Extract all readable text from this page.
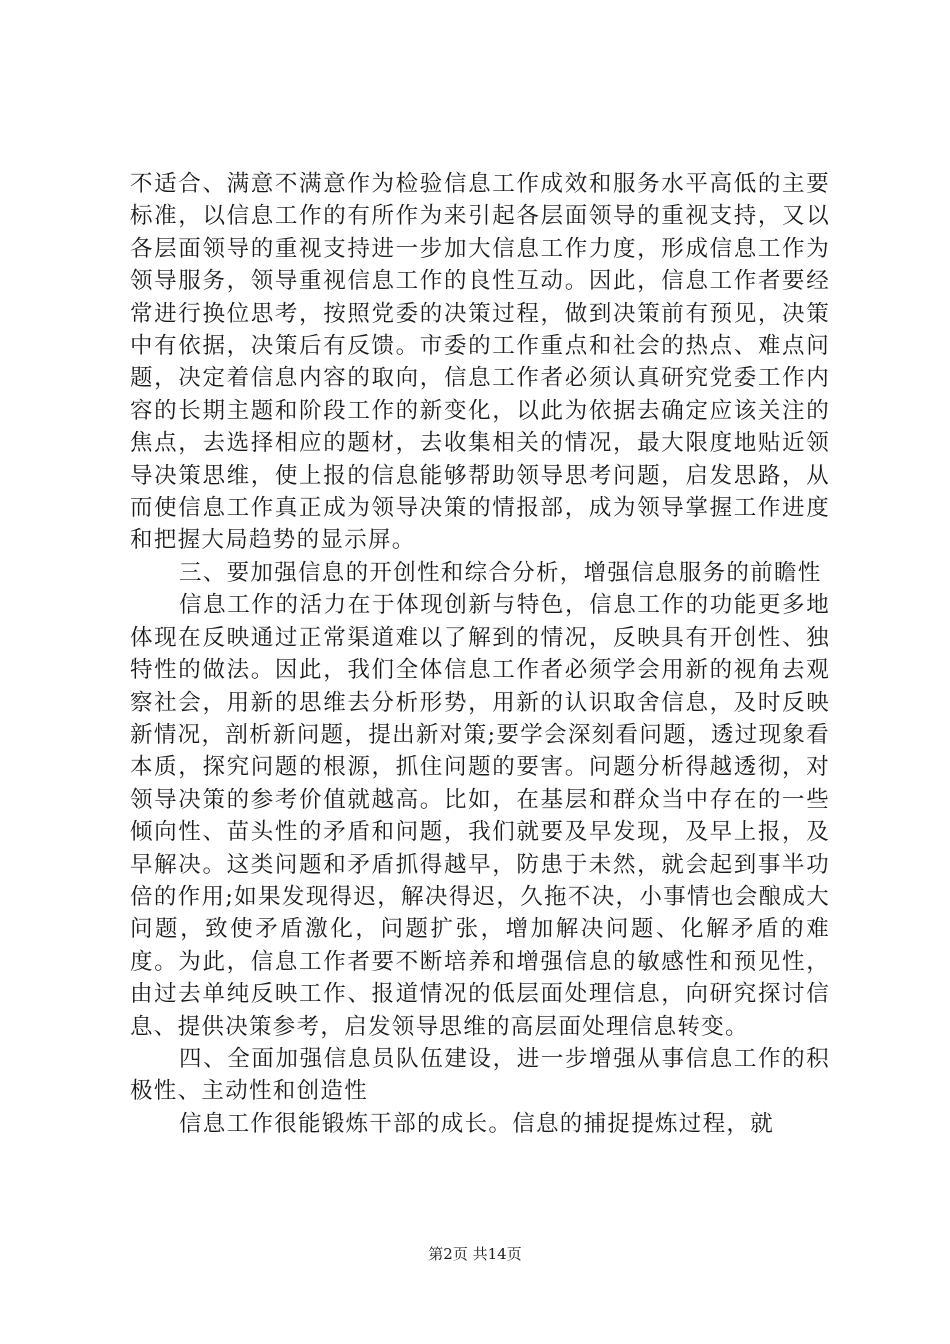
不适合、满意不满意作为检验信息工作成效和服务水平高低的主要标准，以信息工作的有所作为来引起各层面领导的重视支持，又以各层面领导的重视支持进一步加大信息工作力度，形成信息工作为领导服务，领导重视信息工作的良性互动。因此，信息工作者要经常进行换位思考，按照党委的决策过程，做到决策前有预见，决策中有依据，决策后有反馈。市委的工作重点和社会的热点、难点问题，决定着信息内容的取向，信息工作者必须认真研究党委工作内容的长期主题和阶段工作的新变化，以此为依据去确定应该关注的焦点，去选择相应的题材，去收集相关的情况，最大限度地贴近领导决策思维，使上报的信息能够帮助领导思考问题，启发思路，从而使信息工作真正成为领导决策的情报部，成为领导掌握工作进度和把握大局趋势的显示屏。

三、要加强信息的开创性和综合分析，增强信息服务的前瞻性

信息工作的活力在于体现创新与特色，信息工作的功能更多地体现在反映通过正常渠道难以了解到的情况，反映具有开创性、独特性的做法。因此，我们全体信息工作者必须学会用新的视角去观察社会，用新的思维去分析形势，用新的认识取舍信息，及时反映新情况，剖析新问题，提出新对策;要学会深刻看问题，透过现象看本质，探究问题的根源，抓住问题的要害。问题分析得越透彻，对领导决策的参考价值就越高。比如，在基层和群众当中存在的一些倾向性、苗头性的矛盾和问题，我们就要及早发现，及早上报，及早解决。这类问题和矛盾抓得越早，防患于未然，就会起到事半功倍的作用;如果发现得迟，解决得迟，久拖不决，小事情也会酿成大问题，致使矛盾激化，问题扩张，增加解决问题、化解矛盾的难度。为此，信息工作者要不断培养和增强信息的敏感性和预见性，由过去单纯反映工作、报道情况的低层面处理信息，向研究探讨信息、提供决策参考，启发领导思维的高层面处理信息转变。

四、全面加强信息员队伍建设，进一步增强从事信息工作的积极性、主动性和创造性

信息工作很能锻炼干部的成长。信息的捕捉提炼过程，就

第2页 共14页
